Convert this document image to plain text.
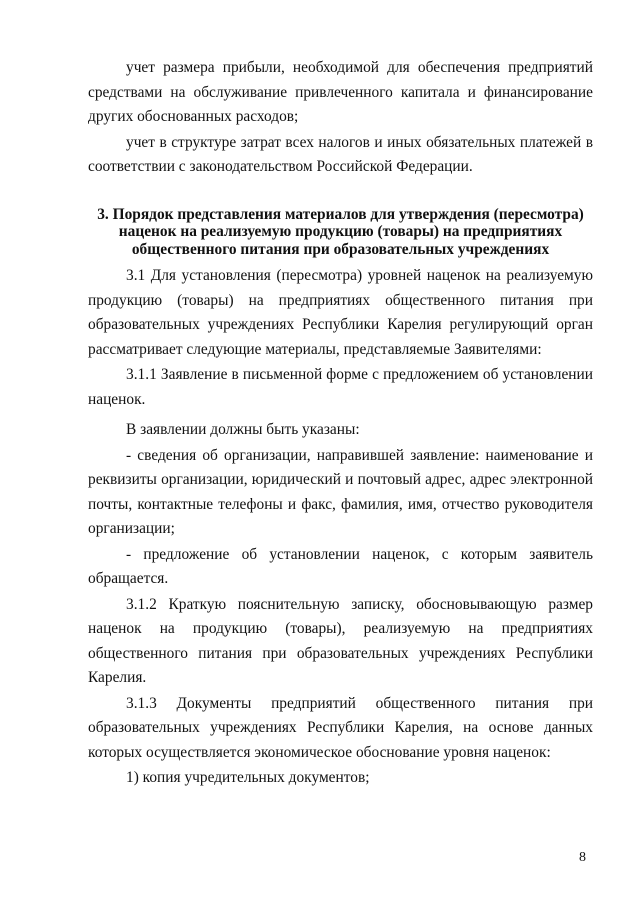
учет размера прибыли, необходимой для обеспечения предприятий средствами на обслуживание привлеченного капитала и финансирование других обоснованных расходов;

учет в структуре затрат всех налогов и иных обязательных платежей в соответствии с законодательством Российской Федерации.

3. Порядок представления материалов для утверждения (пересмотра) наценок на реализуемую продукцию (товары) на предприятиях общественного питания при образовательных учреждениях

3.1 Для установления (пересмотра) уровней наценок на реализуемую продукцию (товары) на предприятиях общественного питания при образовательных учреждениях Республики Карелия регулирующий орган рассматривает следующие материалы, представляемые Заявителями:

3.1.1 Заявление в письменной форме с предложением об установлении наценок.

В заявлении должны быть указаны:

- сведения об организации, направившей заявление: наименование и реквизиты организации, юридический и почтовый адрес, адрес электронной почты, контактные телефоны и факс, фамилия, имя, отчество руководителя организации;

- предложение об установлении наценок, с которым заявитель обращается.

3.1.2 Краткую пояснительную записку, обосновывающую размер наценок на продукцию (товары), реализуемую на предприятиях общественного питания при образовательных учреждениях Республики Карелия.

3.1.3 Документы предприятий общественного питания при образовательных учреждениях Республики Карелия, на основе данных которых осуществляется экономическое обоснование уровня наценок:

1) копия учредительных документов;

8
